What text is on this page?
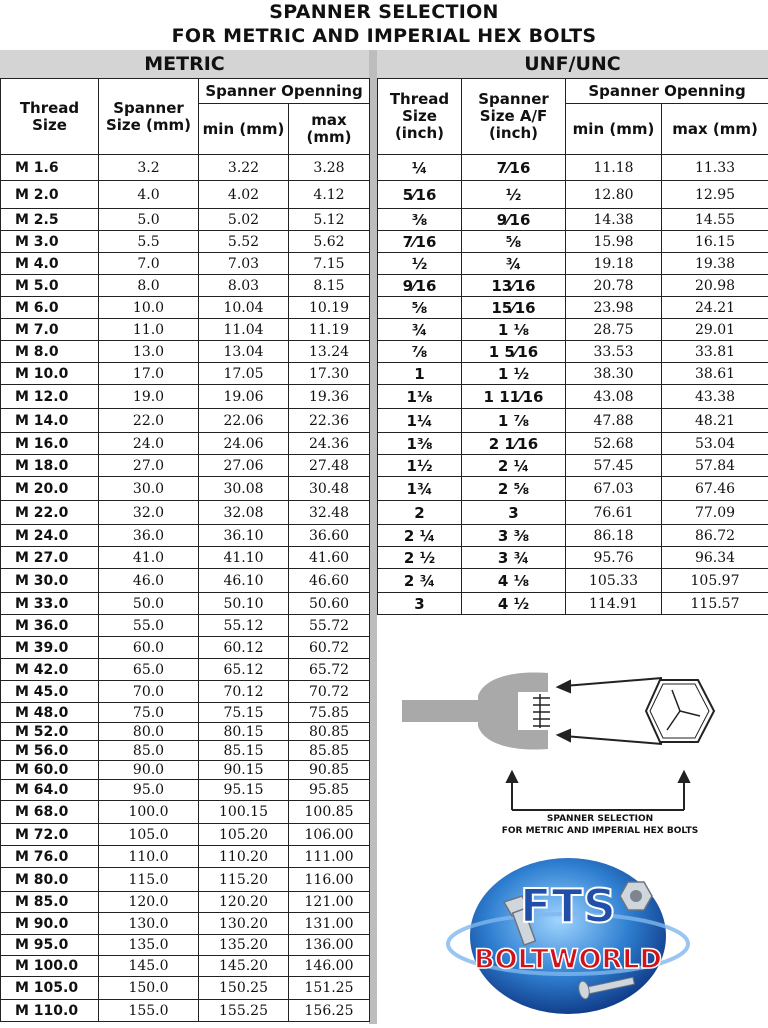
SPANNER SELECTION
FOR METRIC AND IMPERIAL HEX BOLTS
METRIC	UNF/UNC
Thread Size	Spanner Size (mm)	Spanner Openning	
		min (mm)	max (mm)
M 1.6	3.2	3.22	3.28
M 2.0	4.0	4.02	4.12
M 2.5	5.0	5.02	5.12
M 3.0	5.5	5.52	5.62
M 4.0	7.0	7.03	7.15
M 5.0	8.0	8.03	8.15
M 6.0	10.0	10.04	10.19
M 7.0	11.0	11.04	11.19
M 8.0	13.0	13.04	13.24
M 10.0	17.0	17.05	17.30
M 12.0	19.0	19.06	19.36
M 14.0	22.0	22.06	22.36
M 16.0	24.0	24.06	24.36
M 18.0	27.0	27.06	27.48
M 20.0	30.0	30.08	30.48
M 22.0	32.0	32.08	32.48
M 24.0	36.0	36.10	36.60
M 27.0	41.0	41.10	41.60
M 30.0	46.0	46.10	46.60
M 33.0	50.0	50.10	50.60
M 36.0	55.0	55.12	55.72
M 39.0	60.0	60.12	60.72
M 42.0	65.0	65.12	65.72
M 45.0	70.0	70.12	70.72
M 48.0	75.0	75.15	75.85
M 52.0	80.0	80.15	80.85
M 56.0	85.0	85.15	85.85
M 60.0	90.0	90.15	90.85
M 64.0	95.0	95.15	95.85
M 68.0	100.0	100.15	100.85
M 72.0	105.0	105.20	106.00
M 76.0	110.0	110.20	111.00
M 80.0	115.0	115.20	116.00
M 85.0	120.0	120.20	121.00
M 90.0	130.0	130.20	131.00
M 95.0	135.0	135.20	136.00
M 100.0	145.0	145.20	146.00
M 105.0	150.0	150.25	151.25
M 110.0	155.0	155.25	156.25
Thread Size (inch)	Spanner Size A/F (inch)	Spanner Openning	
		min (mm)	max (mm)
¼	7⁄16	11.18	11.33
5⁄16	½	12.80	12.95
⅜	9⁄16	14.38	14.55
7⁄16	⅝	15.98	16.15
½	¾	19.18	19.38
9⁄16	13⁄16	20.78	20.98
⅝	15⁄16	23.98	24.21
¾	1 ⅛	28.75	29.01
⅞	1 5⁄16	33.53	33.81
1	1 ½	38.30	38.61
1⅛	1 11⁄16	43.08	43.38
1¼	1 ⅞	47.88	48.21
1⅜	2 1⁄16	52.68	53.04
1½	2 ¼	57.45	57.84
1¾	2 ⅝	67.03	67.46
2	3	76.61	77.09
2 ¼	3 ⅜	86.18	86.72
2 ½	3 ¾	95.76	96.34
2 ¾	4 ⅛	105.33	105.97
3	4 ½	114.91	115.57
SPANNER SELECTION
FOR METRIC AND IMPERIAL HEX BOLTS
FTS
BOLTWORLD
